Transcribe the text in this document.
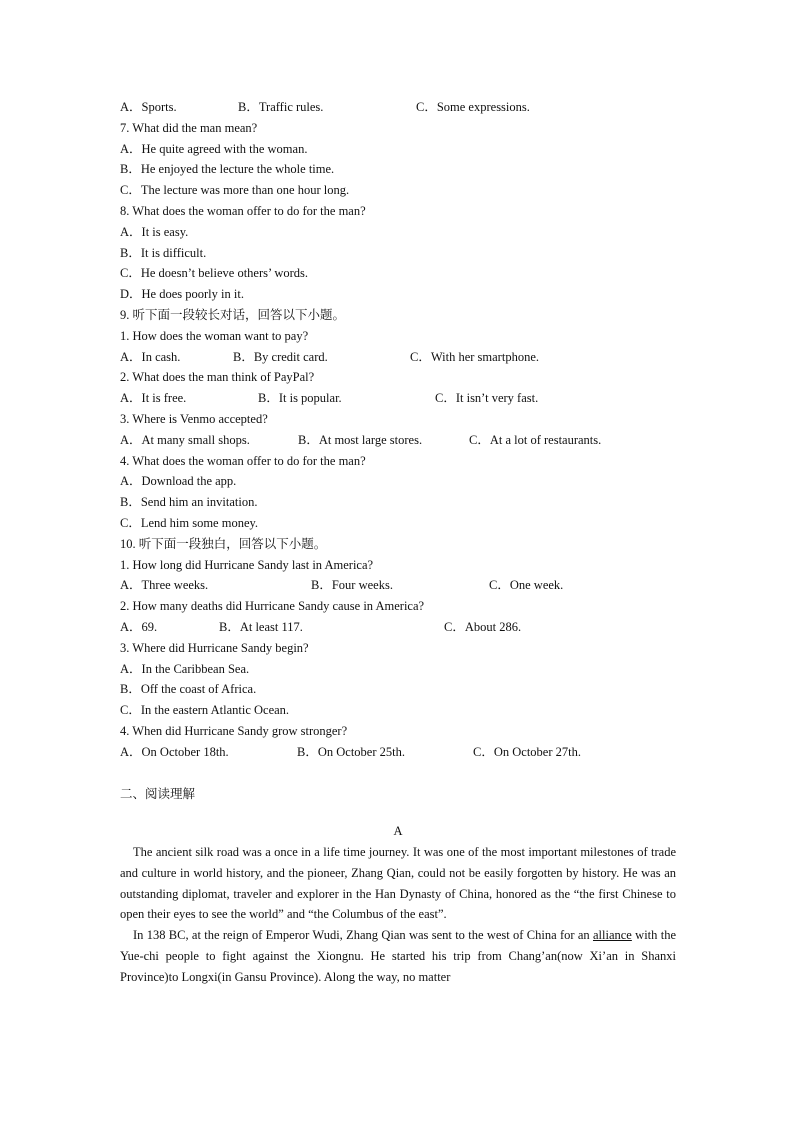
A．Sports.	B．Traffic rules.	C．Some expressions.
7. What did the man mean?
A．He quite agreed with the woman.
B．He enjoyed the lecture the whole time.
C．The lecture was more than one hour long.
8. What does the woman offer to do for the man?
A．It is easy.
B．It is difficult.
C．He doesn’t believe others’ words.
D．He does poorly in it.
9. 听下面一段较长对话，回答以下小题。
1. How does the woman want to pay?
A．In cash.	B．By credit card.	C．With her smartphone.
2. What does the man think of PayPal?
A．It is free.	B．It is popular.	C．It isn’t very fast.
3. Where is Venmo accepted?
A．At many small shops.	B．At most large stores.	C．At a lot of restaurants.
4. What does the woman offer to do for the man?
A．Download the app.
B．Send him an invitation.
C．Lend him some money.
10. 听下面一段独白，回答以下小题。
1. How long did Hurricane Sandy last in America?
A．Three weeks.	B．Four weeks.	C．One week.
2. How many deaths did Hurricane Sandy cause in America?
A．69.	B．At least 117.	C．About 286.
3. Where did Hurricane Sandy begin?
A．In the Caribbean Sea.
B．Off the coast of Africa.
C．In the eastern Atlantic Ocean.
4. When did Hurricane Sandy grow stronger?
A．On October 18th.	B．On October 25th.	C．On October 27th.
二、阅读理解
A
The ancient silk road was a once in a life time journey. It was one of the most important milestones of trade and culture in world history, and the pioneer, Zhang Qian, could not be easily forgotten by history. He was an outstanding diplomat, traveler and explorer in the Han Dynasty of China, honored as the “the first Chinese to open their eyes to see the world” and “the Columbus of the east”.
In 138 BC, at the reign of Emperor Wudi, Zhang Qian was sent to the west of China for an alliance with the Yue-chi people to fight against the Xiongnu. He started his trip from Chang’an(now Xi’an in Shanxi Province)to Longxi(in Gansu Province). Along the way, no matter
